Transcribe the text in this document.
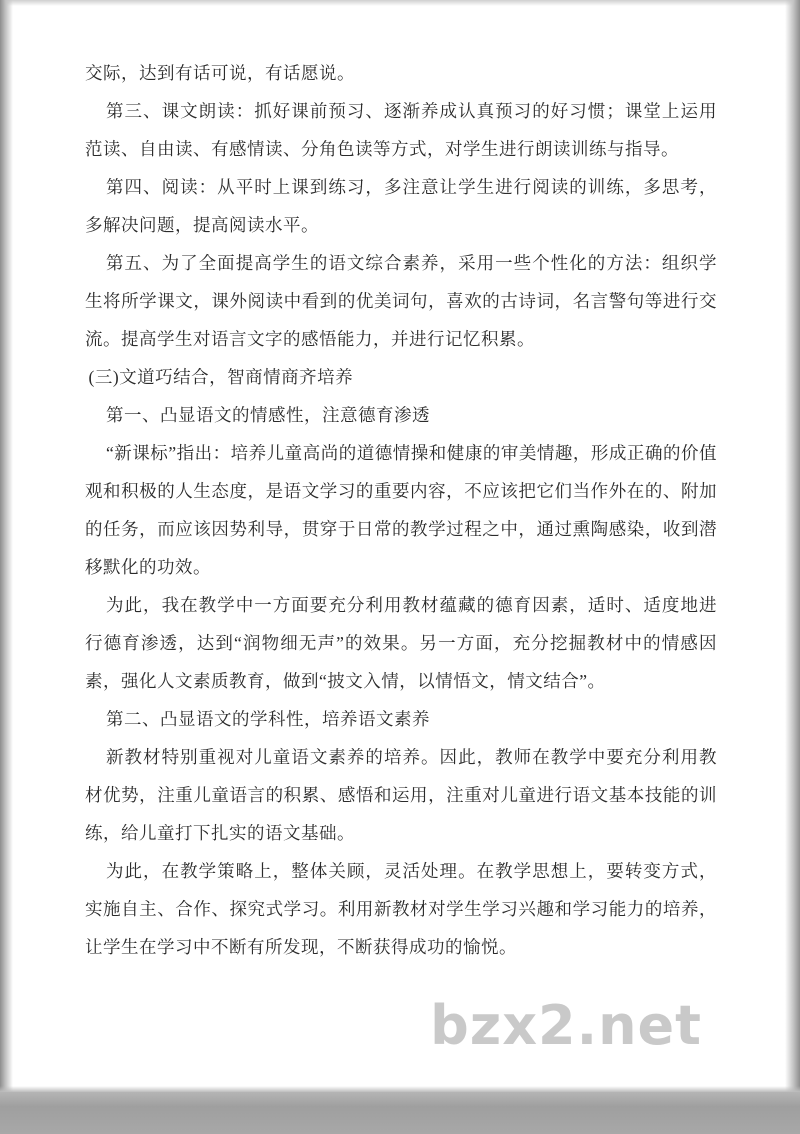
交际，达到有话可说，有话愿说。

第三、课文朗读：抓好课前预习、逐渐养成认真预习的好习惯；课堂上运用范读、自由读、有感情读、分角色读等方式，对学生进行朗读训练与指导。

第四、阅读：从平时上课到练习，多注意让学生进行阅读的训练，多思考，多解决问题，提高阅读水平。

第五、为了全面提高学生的语文综合素养，采用一些个性化的方法：组织学生将所学课文，课外阅读中看到的优美词句，喜欢的古诗词，名言警句等进行交流。提高学生对语言文字的感悟能力，并进行记忆积累。

(三)文道巧结合，智商情商齐培养

第一、凸显语文的情感性，注意德育渗透

“新课标”指出：培养儿童高尚的道德情操和健康的审美情趣，形成正确的价值观和积极的人生态度，是语文学习的重要内容，不应该把它们当作外在的、附加的任务，而应该因势利导，贯穿于日常的教学过程之中，通过熏陶感染，收到潜移默化的功效。

为此，我在教学中一方面要充分利用教材蕴藏的德育因素，适时、适度地进行德育渗透，达到“润物细无声”的效果。另一方面，充分挖掘教材中的情感因素，强化人文素质教育，做到“披文入情，以情悟文，情文结合”。

第二、凸显语文的学科性，培养语文素养

新教材特别重视对儿童语文素养的培养。因此，教师在教学中要充分利用教材优势，注重儿童语言的积累、感悟和运用，注重对儿童进行语文基本技能的训练，给儿童打下扎实的语文基础。

为此，在教学策略上，整体关顾，灵活处理。在教学思想上，要转变方式，实施自主、合作、探究式学习。利用新教材对学生学习兴趣和学习能力的培养，让学生在学习中不断有所发现，不断获得成功的愉悦。

bzx2.net
